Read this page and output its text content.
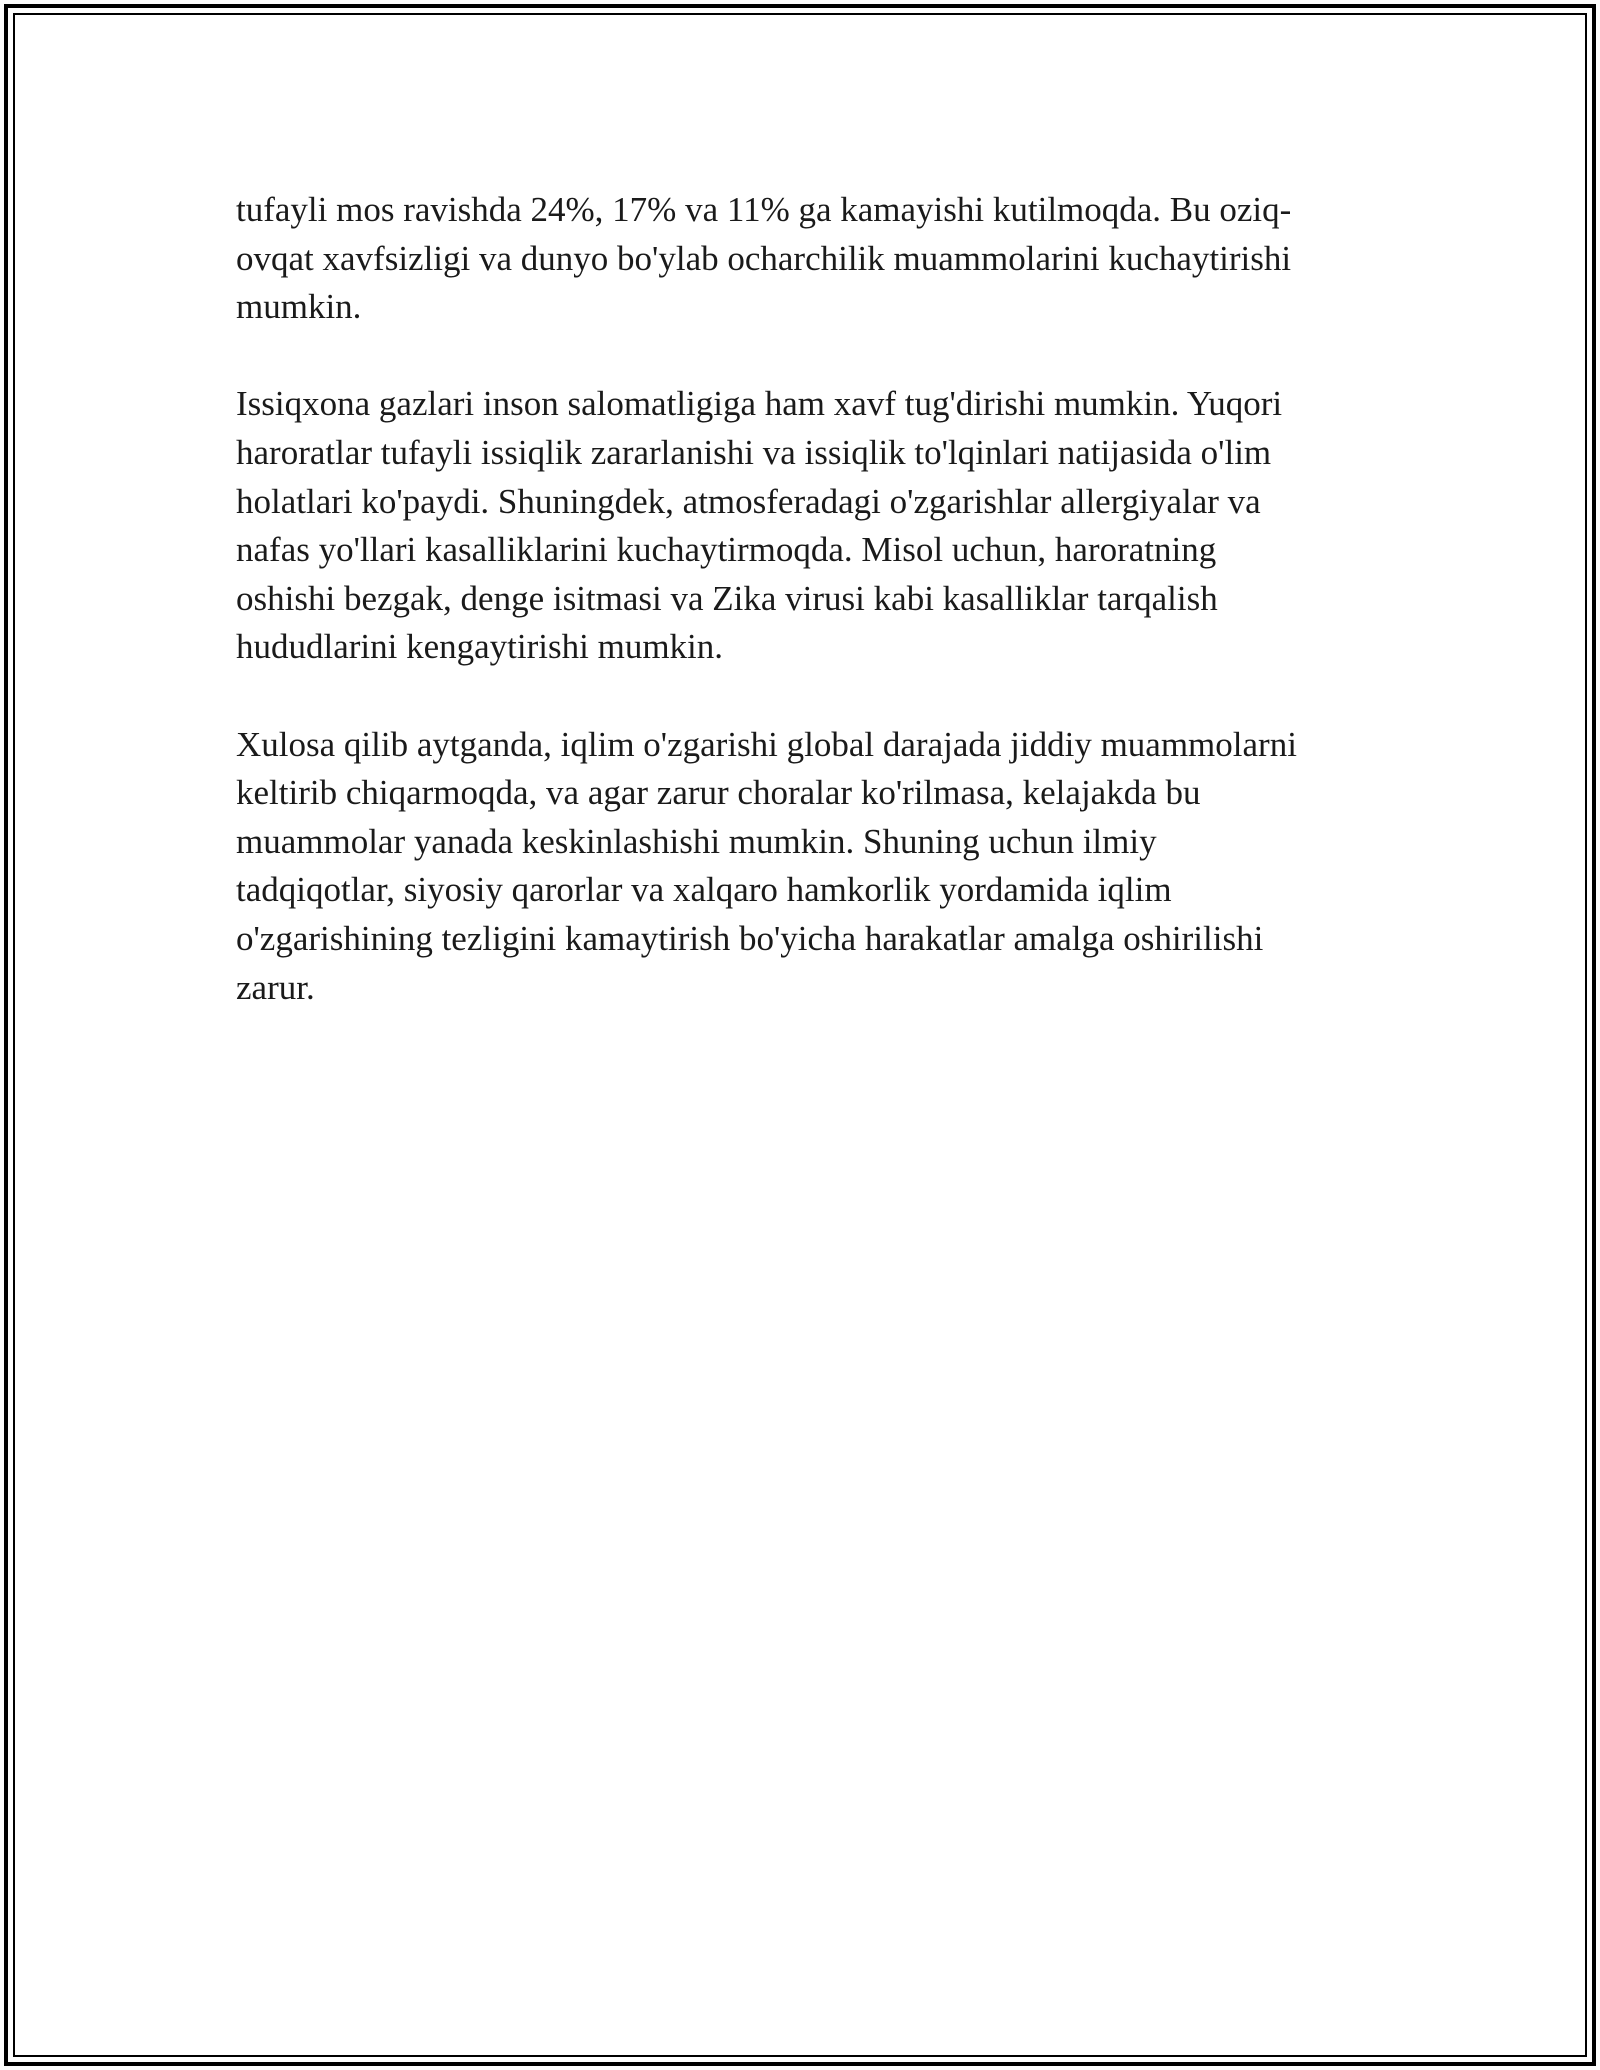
tufayli mos ravishda 24%, 17% va 11% ga kamayishi kutilmoqda. Bu oziq-
ovqat xavfsizligi va dunyo bo'ylab ocharchilik muammolarini kuchaytirishi
mumkin.

Issiqxona gazlari inson salomatligiga ham xavf tug'dirishi mumkin. Yuqori
haroratlar tufayli issiqlik zararlanishi va issiqlik to'lqinlari natijasida o'lim
holatlari ko'paydi. Shuningdek, atmosferadagi o'zgarishlar allergiyalar va
nafas yo'llari kasalliklarini kuchaytirmoqda. Misol uchun, haroratning
oshishi bezgak, denge isitmasi va Zika virusi kabi kasalliklar tarqalish
hududlarini kengaytirishi mumkin.

Xulosa qilib aytganda, iqlim o'zgarishi global darajada jiddiy muammolarni
keltirib chiqarmoqda, va agar zarur choralar ko'rilmasa, kelajakda bu
muammolar yanada keskinlashishi mumkin. Shuning uchun ilmiy
tadqiqotlar, siyosiy qarorlar va xalqaro hamkorlik yordamida iqlim
o'zgarishining tezligini kamaytirish bo'yicha harakatlar amalga oshirilishi
zarur.
